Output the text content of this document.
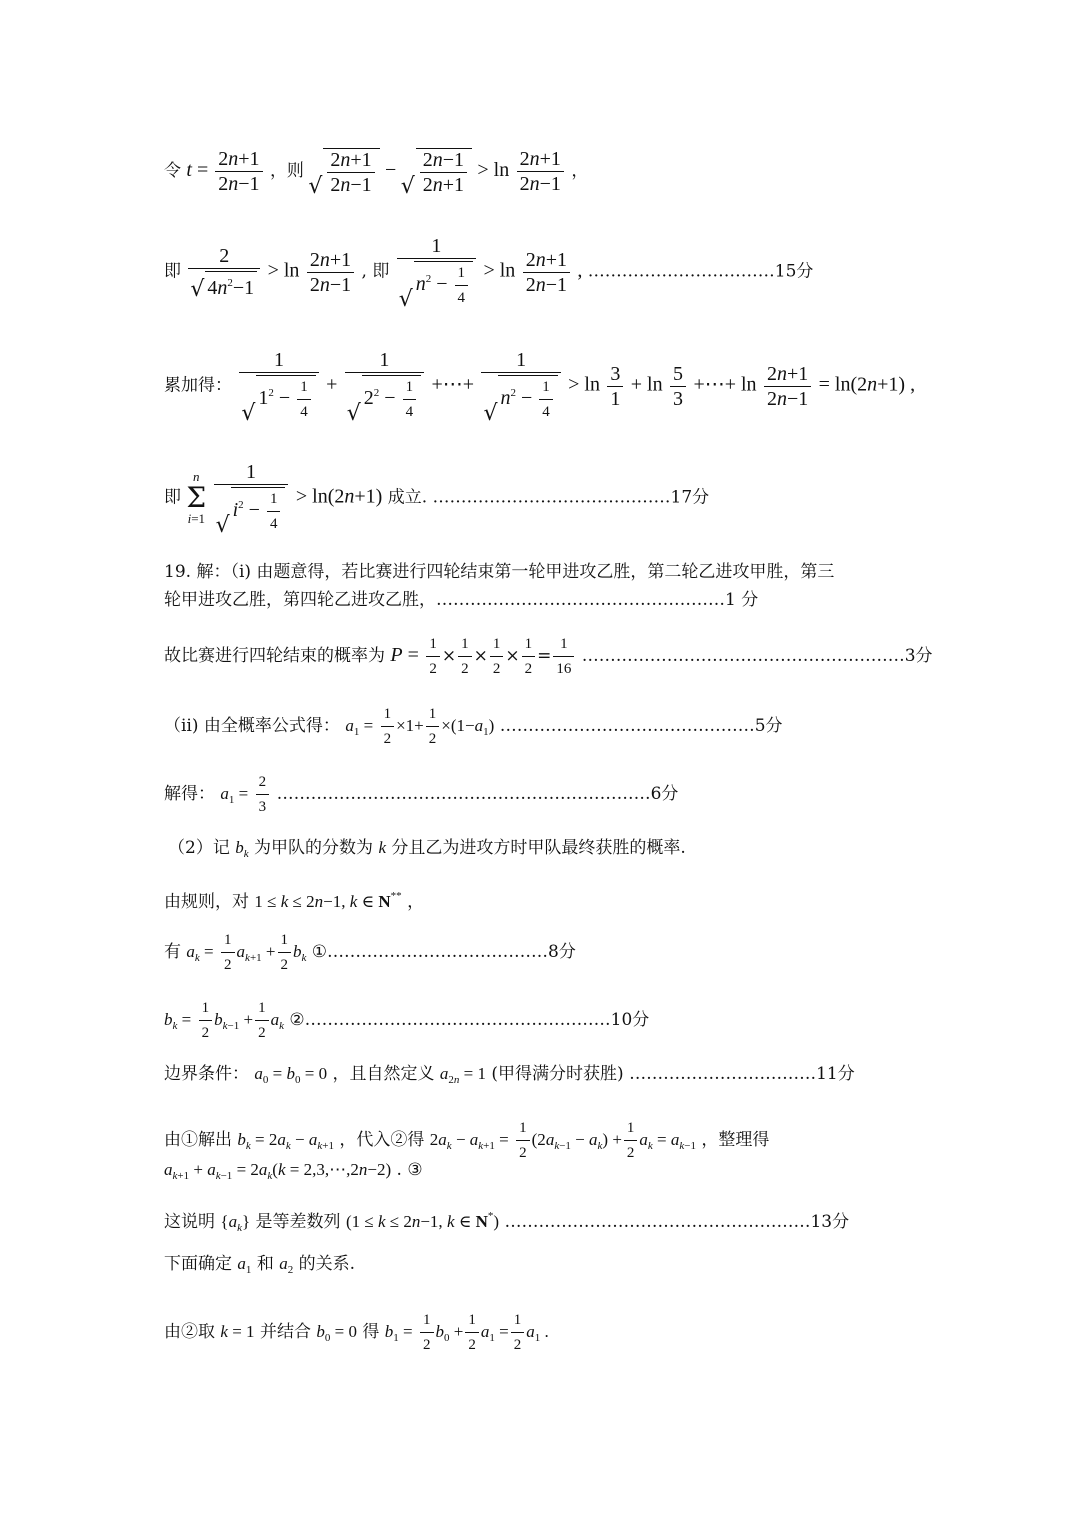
令 $t = \frac{2n+1}{2n-1}$ ，则 √ $\frac{2n+1}{2n-1}$ − √ $\frac{2n-1}{2n+1} > \ln \frac{2n+1}{2n-1}$ ，
即 2
√ $4n^2-1 > \ln \frac{2n+1}{2n-1}$ , 即 1
√ $n^2 - \frac{1}{4} > \ln \frac{2n+1}{2n-1}$ , ……………………………15分
累加得： 1
√ $1^2 - \frac{1}{4} + 1$
√ $2^2 - \frac{1}{4}$ +⋯+ 1
√ $n^2 - \frac{1}{4} > \ln \frac{3}{1} + \ln \frac{5}{3}$ +⋯+ $\ln \frac{2n+1}{2n-1} = \ln(2n+1)$ ,
即 n
Σ
i=1 1
√ $i^2 - \frac{1}{4} > \ln(2n+1)$ 成立. ……………………………………17分
19. 解：（ⅰ) 由题意得，若比赛进行四轮结束第一轮甲进攻乙胜，第二轮乙进攻甲胜，第三
轮甲进攻乙胜，第四轮乙进攻乙胜，……………………………………………1 分
故比赛进行四轮结束的概率为 $P = \frac{1}{2} \times \frac{1}{2} \times \frac{1}{2} \times \frac{1}{2} = \frac{1}{16}$ …………………………………………………3分
（ⅱ) 由全概率公式得： $a_1 = \frac{1}{2} \times 1+ \frac{1}{2} \times(1-a_1)$ ………………………………………5分
解得： $a_1 = \frac{2}{3}$ …………………………………………………………6分
（2）记 $b_k$ 为甲队的分数为 k 分且乙为进攻方时甲队最终获胜的概率.
由规则，对 1 ≤ k ≤ 2n−1, k ∈ N** ，
有 $a_k = \frac{1}{2} a_{k+1} + \frac{1}{2} b_k$ ①…………………………………8分
$b_k = \frac{1}{2} b_{k-1} + \frac{1}{2} a_k$ ②………………………………………………10分
边界条件： $a_0 = b_0 = 0$ ，且自然定义 $a_{2n} = 1$ (甲得满分时获胜) ……………………………11分
由①解出 $b_k = 2a_k - a_{k+1}$ ，代入②得 $2a_k - a_{k+1} = \frac{1}{2} (2a_{k-1} - a_k) + \frac{1}{2} a_k = a_{k-1}$ ，整理得
$a_{k+1} + a_{k-1} = 2a_k(k$ = 2,3,⋯,2n−2) . ③
这说明 $\{a_k\}$ 是等差数列 (1 ≤ k ≤ 2n−1, k ∈ N*) ………………………………………………13分
下面确定 $a_1$ 和 $a_2$ 的关系.
由②取 k = 1 并结合 $b_0 = 0$ 得 $b_1 = \frac{1}{2} b_0 + \frac{1}{2} a_1 = \frac{1}{2} a_1$ .
